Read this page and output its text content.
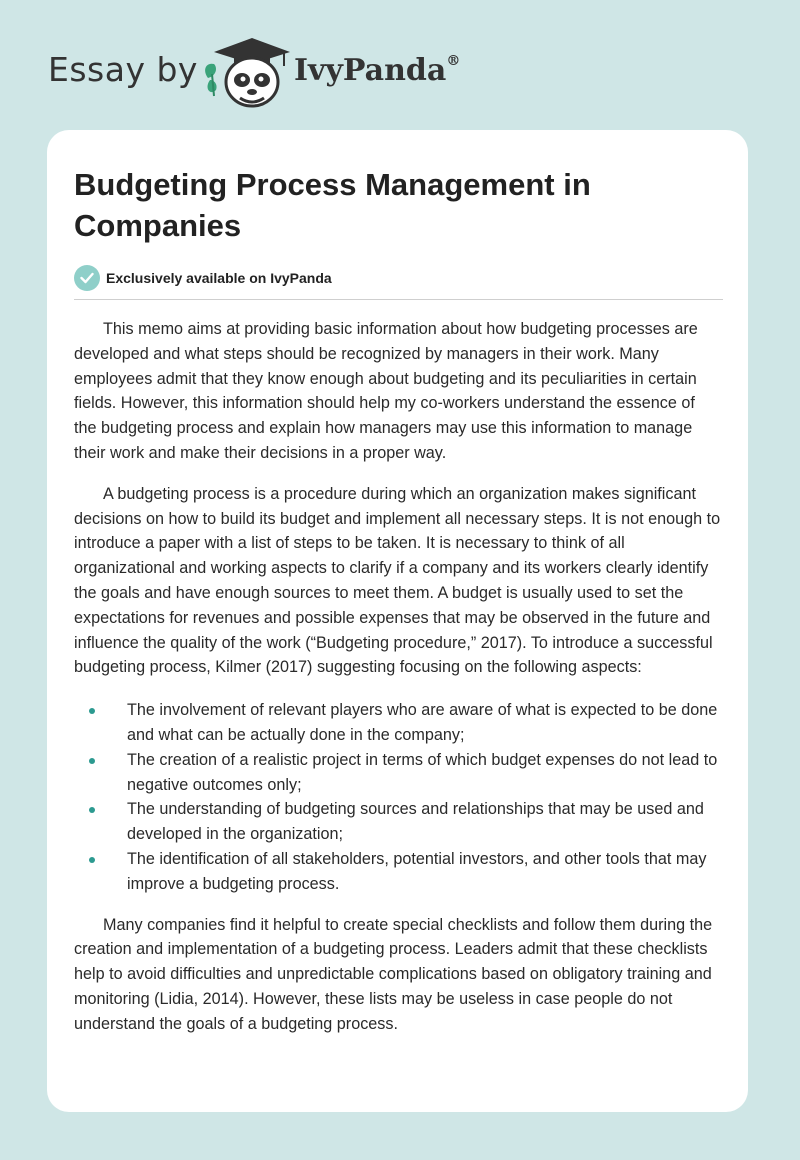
Essay by	IvyPanda®
Budgeting Process Management in Companies
Exclusively available on IvyPanda

This memo aims at providing basic information about how budgeting processes are developed and what steps should be recognized by managers in their work. Many employees admit that they know enough about budgeting and its peculiarities in certain fields. However, this information should help my co-workers understand the essence of the budgeting process and explain how managers may use this information to manage their work and make their decisions in a proper way.

A budgeting process is a procedure during which an organization makes significant decisions on how to build its budget and implement all necessary steps. It is not enough to introduce a paper with a list of steps to be taken. It is necessary to think of all organizational and working aspects to clarify if a company and its workers clearly identify the goals and have enough sources to meet them. A budget is usually used to set the expectations for revenues and possible expenses that may be observed in the future and influence the quality of the work (“Budgeting procedure,” 2017). To introduce a successful budgeting process, Kilmer (2017) suggesting focusing on the following aspects:

The involvement of relevant players who are aware of what is expected to be done and what can be actually done in the company;
The creation of a realistic project in terms of which budget expenses do not lead to negative outcomes only;
The understanding of budgeting sources and relationships that may be used and developed in the organization;
The identification of all stakeholders, potential investors, and other tools that may improve a budgeting process.

Many companies find it helpful to create special checklists and follow them during the creation and implementation of a budgeting process. Leaders admit that these checklists help to avoid difficulties and unpredictable complications based on obligatory training and monitoring (Lidia, 2014). However, these lists may be useless in case people do not understand the goals of a budgeting process.
